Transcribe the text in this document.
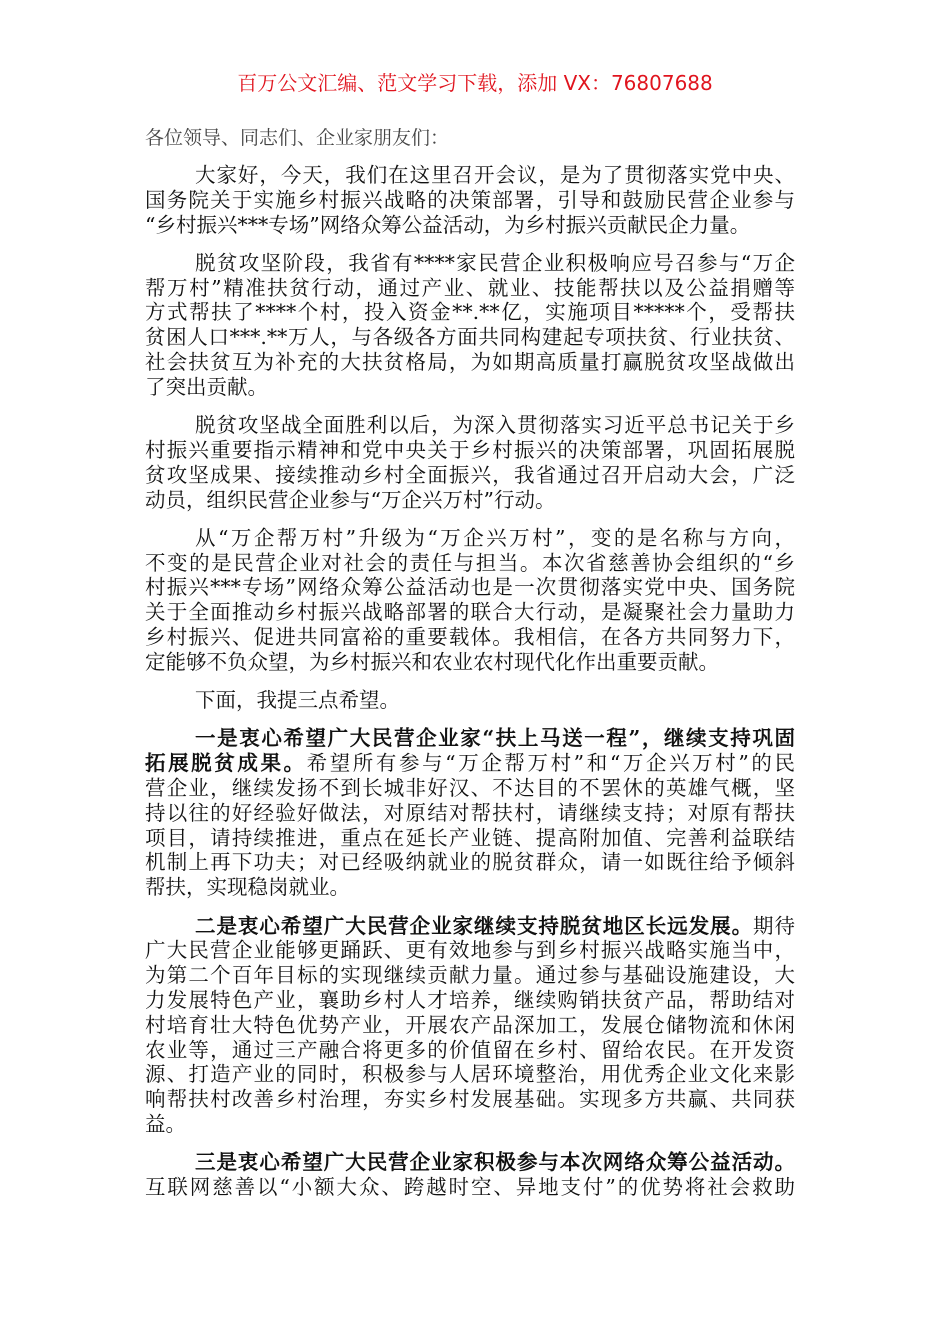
百万公文汇编、范文学习下载，添加 VX：76807688
各位领导、同志们、企业家朋友们：
大家好，今天，我们在这里召开会议，是为了贯彻落实党中央、
国务院关于实施乡村振兴战略的决策部署，引导和鼓励民营企业参与
“乡村振兴***专场”网络众筹公益活动，为乡村振兴贡献民企力量。
脱贫攻坚阶段，我省有****家民营企业积极响应号召参与“万企
帮万村”精准扶贫行动，通过产业、就业、技能帮扶以及公益捐赠等
方式帮扶了****个村，投入资金**.**亿，实施项目*****个，受帮扶
贫困人口***.**万人，与各级各方面共同构建起专项扶贫、行业扶贫、
社会扶贫互为补充的大扶贫格局，为如期高质量打赢脱贫攻坚战做出
了突出贡献。
脱贫攻坚战全面胜利以后，为深入贯彻落实习近平总书记关于乡
村振兴重要指示精神和党中央关于乡村振兴的决策部署，巩固拓展脱
贫攻坚成果、接续推动乡村全面振兴，我省通过召开启动大会，广泛
动员，组织民营企业参与“万企兴万村”行动。
从“万企帮万村”升级为“万企兴万村”，变的是名称与方向，
不变的是民营企业对社会的责任与担当。本次省慈善协会组织的“乡
村振兴***专场”网络众筹公益活动也是一次贯彻落实党中央、国务院
关于全面推动乡村振兴战略部署的联合大行动，是凝聚社会力量助力
乡村振兴、促进共同富裕的重要载体。我相信，在各方共同努力下，
定能够不负众望，为乡村振兴和农业农村现代化作出重要贡献。
下面，我提三点希望。
一是衷心希望广大民营企业家“扶上马送一程”，继续支持巩固
拓展脱贫成果。希望所有参与“万企帮万村”和“万企兴万村”的民
营企业，继续发扬不到长城非好汉、不达目的不罢休的英雄气概，坚
持以往的好经验好做法，对原结对帮扶村，请继续支持；对原有帮扶
项目，请持续推进，重点在延长产业链、提高附加值、完善利益联结
机制上再下功夫；对已经吸纳就业的脱贫群众，请一如既往给予倾斜
帮扶，实现稳岗就业。
二是衷心希望广大民营企业家继续支持脱贫地区长远发展。期待
广大民营企业能够更踊跃、更有效地参与到乡村振兴战略实施当中，
为第二个百年目标的实现继续贡献力量。通过参与基础设施建设，大
力发展特色产业，襄助乡村人才培养，继续购销扶贫产品，帮助结对
村培育壮大特色优势产业，开展农产品深加工，发展仓储物流和休闲
农业等，通过三产融合将更多的价值留在乡村、留给农民。在开发资
源、打造产业的同时，积极参与人居环境整治，用优秀企业文化来影
响帮扶村改善乡村治理，夯实乡村发展基础。实现多方共赢、共同获
益。
三是衷心希望广大民营企业家积极参与本次网络众筹公益活动。
互联网慈善以“小额大众、跨越时空、异地支付”的优势将社会救助
